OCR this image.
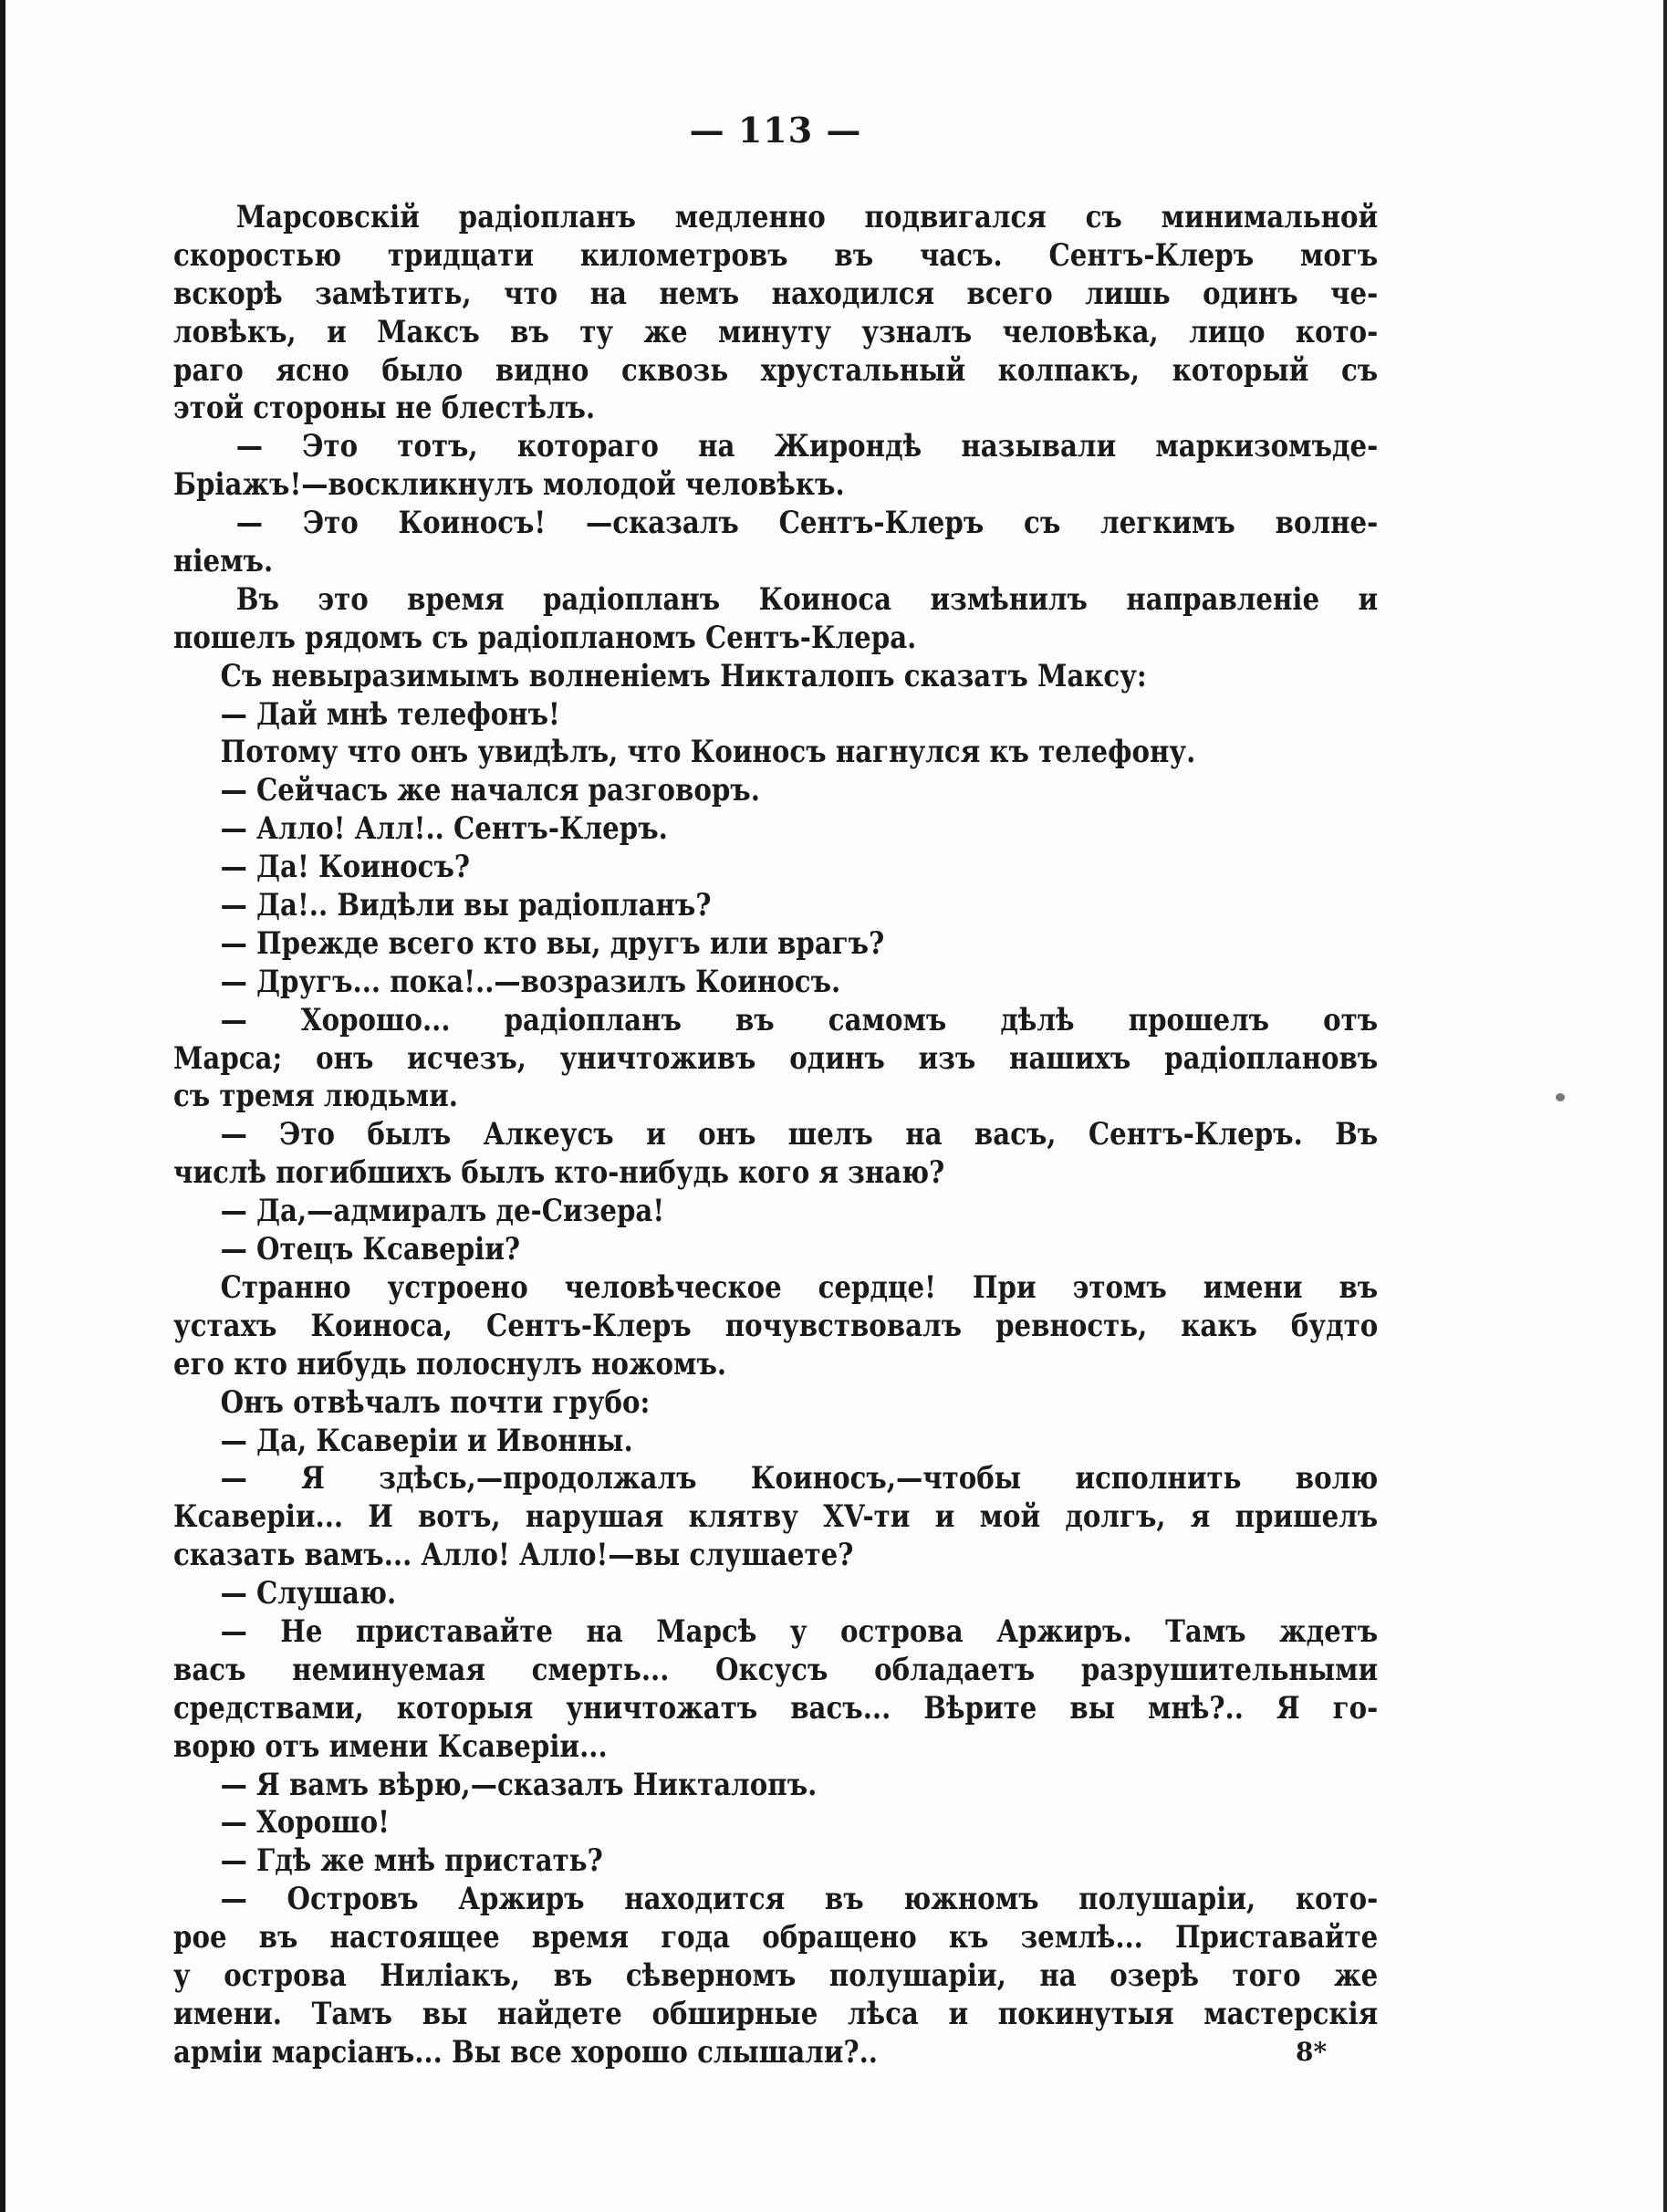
— 113 —
Марсовскій радіопланъ медленно подвигался съ минимальной
скоростью тридцати километровъ въ часъ. Сентъ-Клеръ могъ
вскорѣ замѣтить, что на немъ находился всего лишь одинъ че-
ловѣкъ, и Максъ въ ту же минуту узналъ человѣка, лицо кото-
раго ясно было видно сквозь хрустальный колпакъ, который съ
этой стороны не блестѣлъ.
— Это тотъ, котораго на Жирондѣ называли маркизомъде-
Бріажъ!—воскликнулъ молодой человѣкъ.
— Это Коиносъ! —сказалъ Сентъ-Клеръ съ легкимъ волне-
ніемъ.
Въ это время радіопланъ Коиноса измѣнилъ направленіе и
пошелъ рядомъ съ радіопланомъ Сентъ-Клера.
Съ невыразимымъ волненіемъ Никталопъ сказатъ Максу:
— Дай мнѣ телефонъ!
Потому что онъ увидѣлъ, что Коиносъ нагнулся къ телефону.
— Сейчасъ же начался разговоръ.
— Алло! Алл!.. Сентъ-Клеръ.
— Да! Коиносъ?
— Да!.. Видѣли вы радіопланъ?
— Прежде всего кто вы, другъ или врагъ?
— Другъ... пока!..—возразилъ Коиносъ.
— Хорошо... радіопланъ въ самомъ дѣлѣ прошелъ отъ
Марса; онъ исчезъ, уничтоживъ одинъ изъ нашихъ радіоплановъ
съ тремя людьми.
— Это былъ Алкеусъ и онъ шелъ на васъ, Сентъ-Клеръ. Въ
числѣ погибшихъ былъ кто-нибудь кого я знаю?
— Да,—адмиралъ де-Сизера!
— Отецъ Ксаверіи?
Странно устроено человѣческое сердце! При этомъ имени въ
устахъ Коиноса, Сентъ-Клеръ почувствовалъ ревность, какъ будто
его кто нибудь полоснулъ ножомъ.
Онъ отвѣчалъ почти грубо:
— Да, Ксаверіи и Ивонны.
— Я здѣсь,—продолжалъ Коиносъ,—чтобы исполнить волю
Ксаверіи... И вотъ, нарушая клятву XV-ти и мой долгъ, я пришелъ
сказать вамъ... Алло! Алло!—вы слушаете?
— Слушаю.
— Не приставайте на Марсѣ у острова Аржиръ. Тамъ ждетъ
васъ неминуемая смерть... Оксусъ обладаетъ разрушительными
средствами, которыя уничтожатъ васъ... Вѣрите вы мнѣ?.. Я го-
ворю отъ имени Ксаверіи...
— Я вамъ вѣрю,—сказалъ Никталопъ.
— Хорошо!
— Гдѣ же мнѣ пристать?
— Островъ Аржиръ находится въ южномъ полушаріи, кото-
рое въ настоящее время года обращено къ землѣ... Приставайте
у острова Ниліакъ, въ сѣверномъ полушаріи, на озерѣ того же
имени. Тамъ вы найдете обширные лѣса и покинутыя мастерскія
арміи марсіанъ... Вы все хорошо слышали?..	8*
